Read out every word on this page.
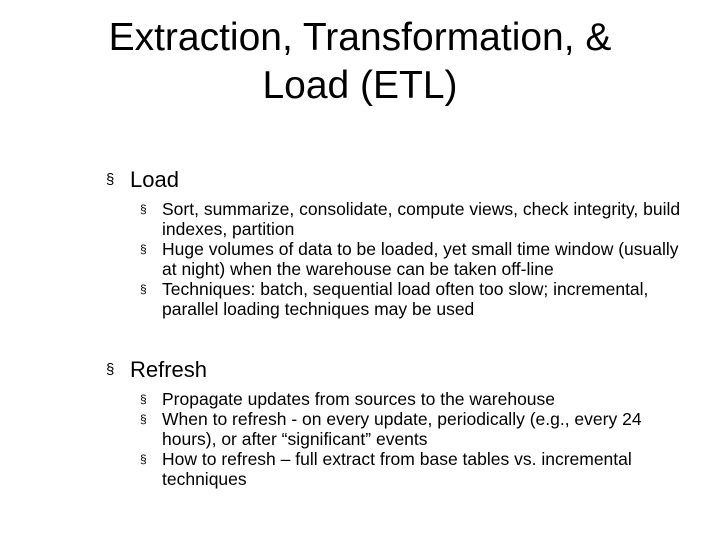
Extraction, Transformation, &
Load (ETL)
§ Load
§ Sort, summarize, consolidate, compute views, check integrity, build indexes, partition
§ Huge volumes of data to be loaded, yet small time window (usually at night) when the warehouse can be taken off-line
§ Techniques: batch, sequential load often too slow; incremental, parallel loading techniques may be used
§ Refresh
§ Propagate updates from sources to the warehouse
§ When to refresh - on every update, periodically (e.g., every 24 hours), or after “significant” events
§ How to refresh – full extract from base tables vs. incremental techniques
